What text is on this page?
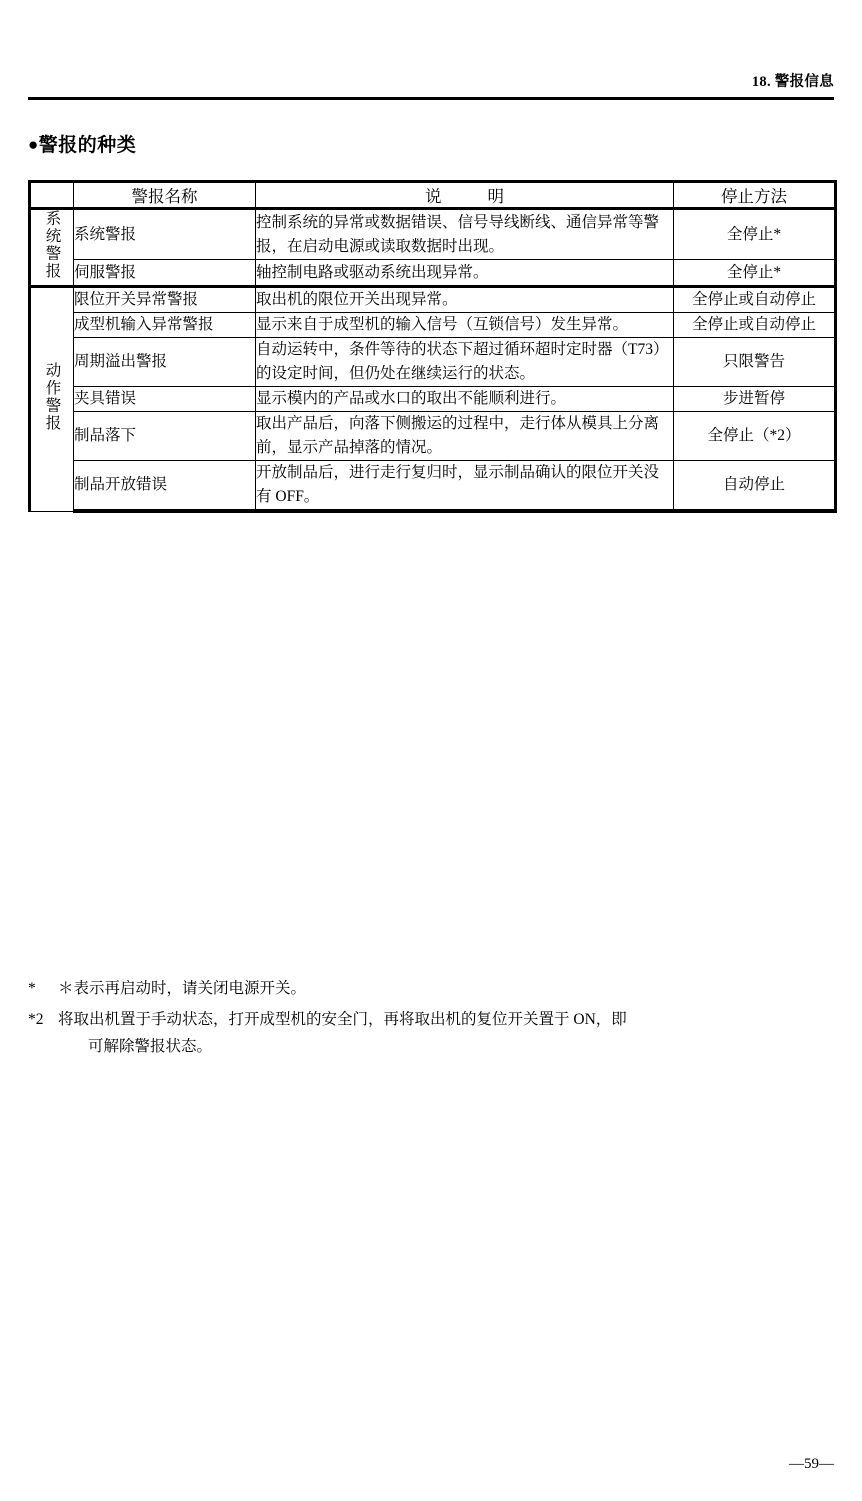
18. 警报信息
●警报的种类
	警报名称	说 明	停止方法
系统警报	系统警报	控制系统的异常或数据错误、信号导线断线、通信异常等警报，在启动电源或读取数据时出现。	全停止*
	伺服警报	轴控制电路或驱动系统出现异常。	全停止*
动作警报	限位开关异常警报	取出机的限位开关出现异常。	全停止或自动停止
	成型机输入异常警报	显示来自于成型机的输入信号（互锁信号）发生异常。	全停止或自动停止
	周期溢出警报	自动运转中，条件等待的状态下超过循环超时定时器（T73）的设定时间，但仍处在继续运行的状态。	只限警告
	夹具错误	显示模内的产品或水口的取出不能顺利进行。	步进暂停
	制品落下	取出产品后，向落下侧搬运的过程中，走行体从模具上分离前，显示产品掉落的情况。	全停止（*2）
	制品开放错误	开放制品后，进行走行复归时，显示制品确认的限位开关没有 OFF。	自动停止

*	＊表示再启动时，请关闭电源开关。
*2 将取出机置于手动状态，打开成型机的安全门，再将取出机的复位开关置于 ON，即
可解除警报状态。
—59—
